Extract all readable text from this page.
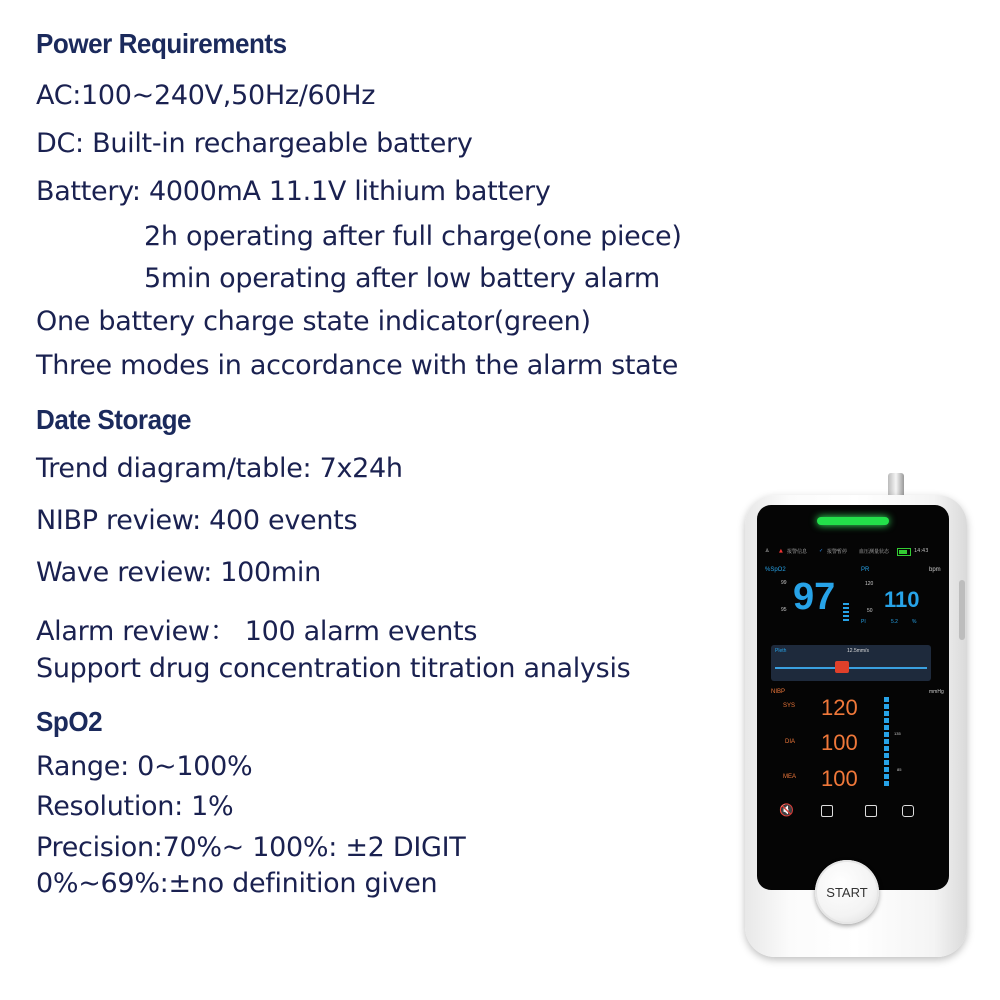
Power Requirements

AC:100~240V,50Hz/60Hz

DC: Built-in rechargeable battery

Battery: 4000mA 11.1V lithium battery

2h operating after full charge(one piece)

5min operating after low battery alarm

One battery charge state indicator(green)

Three modes in accordance with the alarm state

Date Storage

Trend diagram/table: 7x24h

NIBP review: 400 events

Wave review: 100min

Alarm review： 100 alarm events

Support drug concentration titration analysis

SpO2

Range: 0~100%

Resolution: 1%

Precision:70%~ 100%: ±2 DIGIT

0%~69%:±no definition given

♙ ▲ 报警信息 ✓ 报警暂停 血压测量状态	14:43
%SpO2
99
95 97
PR	bpm
120
50 110
PI	5.2	%
Pleth	12.5mm/s
NIBP	mmHg
SYS 120
DIA 100
MEA 100
135
85
🔇
START
